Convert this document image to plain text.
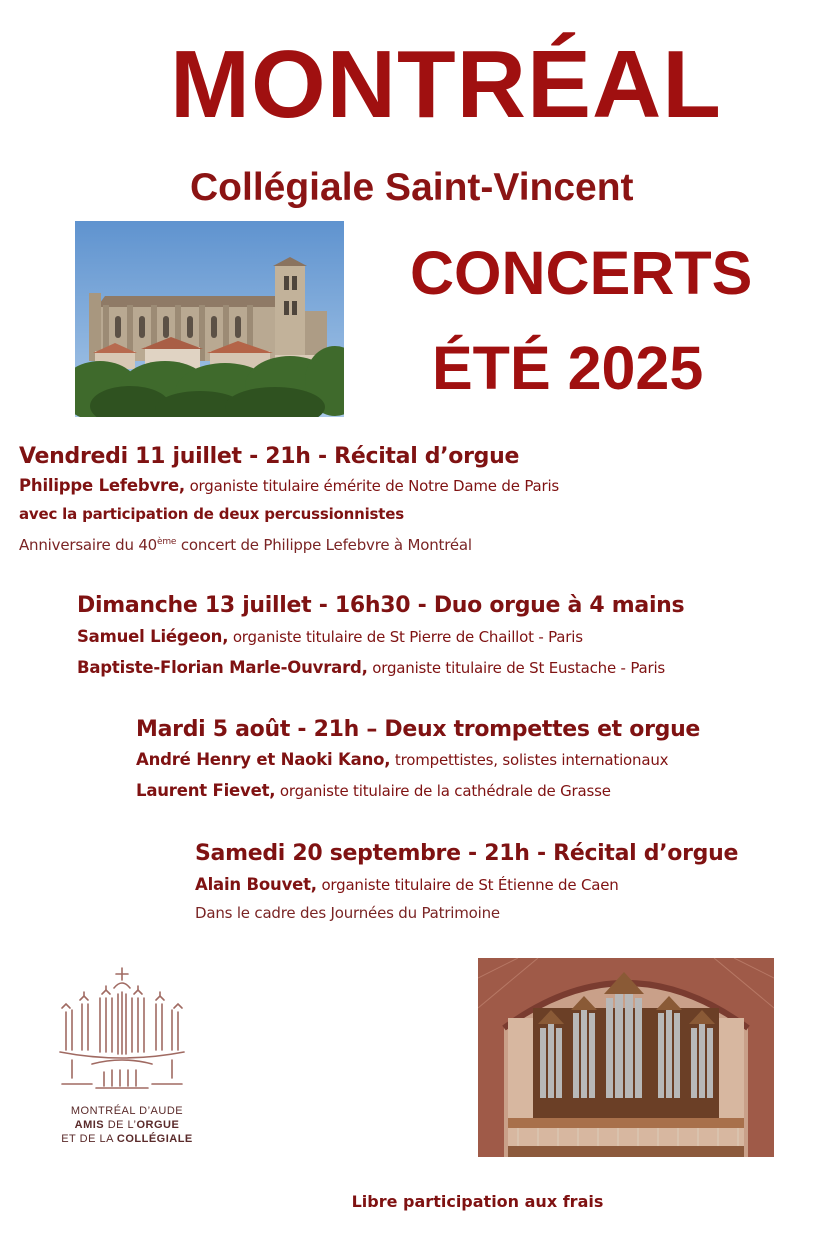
MONTRÉAL
Collégiale Saint-Vincent
CONCERTS
ÉTÉ 2025
Vendredi 11 juillet - 21h - Récital d’orgue
Philippe Lefebvre, organiste titulaire émérite de Notre Dame de Paris
avec la participation de deux percussionnistes
Anniversaire du 40ème concert de Philippe Lefebvre à Montréal
Dimanche 13 juillet - 16h30 - Duo orgue à 4 mains
Samuel Liégeon, organiste titulaire de St Pierre de Chaillot - Paris
Baptiste-Florian Marle-Ouvrard, organiste titulaire de St Eustache - Paris
Mardi 5 août - 21h – Deux trompettes et orgue
André Henry et Naoki Kano, trompettistes, solistes internationaux
Laurent Fievet, organiste titulaire de la cathédrale de Grasse
Samedi 20 septembre - 21h - Récital d’orgue
Alain Bouvet, organiste titulaire de St Étienne de Caen
Dans le cadre des Journées du Patrimoine
MONTRÉAL D’AUDE
AMIS DE L’ORGUE
ET DE LA COLLÉGIALE
Libre participation aux frais
